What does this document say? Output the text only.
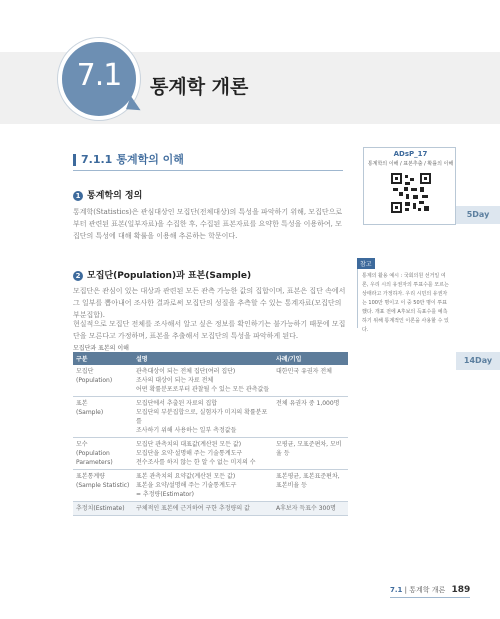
7.1	통계학 개론
7.1.1 통계학의 이해	ADsP_17
통계학의 이해 / 표본추출 / 확률의 이해
5Day
14Day
1 통계학의 정의
통계학(Statistics)은 관심대상인 모집단(전체대상)의 특성을 파악하기 위해, 모집단으로부터 관련된 표본(일부자료)을 수집한 후, 수집된 표본자료를 요약한 특성을 이용하여, 모집단의 특성에 대해 확률을 이용해 추론하는 학문이다.
2 모집단(Population)과 표본(Sample)
모집단은 관심이 있는 대상과 관련된 모든 관측 가능한 값의 집합이며, 표본은 집단 속에서 그 일부를 뽑아내어 조사한 결과로써 모집단의 성질을 추측할 수 있는 통계자료(모집단의 부분집합).
현실적으로 모집단 전체를 조사해서 알고 싶은 정보를 확인하기는 불가능하기 때문에 모집단을 모른다고 가정하며, 표본을 추출해서 모집단의 특성을 파악하게 된다.
참고
통계의 활용 예시 : 국회의원 선거일 여론, 우리 시의 유권자의 투표수를 모르는 상태라고 가정하자. 우리 시민의 유권자는 100만 명이고 이 중 50만 명이 투표했다. 개표 전에 A후보의 득표수를 예측하기 위해 통계적인 이론을 사용할 수 있다.
모집단과 표본의 이해
구분	설명	사례/기입
모집단
(Population)	관측대상이 되는 전체 집단(여러 집단)
조사의 대상이 되는 자료 전체
어떤 확률분포로부터 관찰될 수 있는 모든 관측값들	대한민국 유권자 전체
표본
(Sample)	모집단에서 추출된 자료의 집합
모집단의 부분집합으로, 실험자가 미지의 확률분포를
조사하기 위해 사용하는 일부 측정값들	전체 유권자 중 1,000명
모수
(Population
Parameters)	모집단 관측치의 대표값(계산된 모든 값)
모집단을 요약·설명해 주는 기술통계도구
전수조사를 하지 않는 한 알 수 없는 미지의 수	모평균, 모표준편차, 모비율 등
표본통계량
(Sample Statistic)	표본 관측치의 요약값(계산된 모든 값)
표본을 요약/설명해 주는 기술통계도구
= 추정량(Estimator)	표본평균, 표본표준편차, 표본비율 등
추정치(Estimate)	구체적인 표본에 근거하여 구한 추정량의 값	A후보자 득표수 300명
7.1 | 통계학 개론 189
